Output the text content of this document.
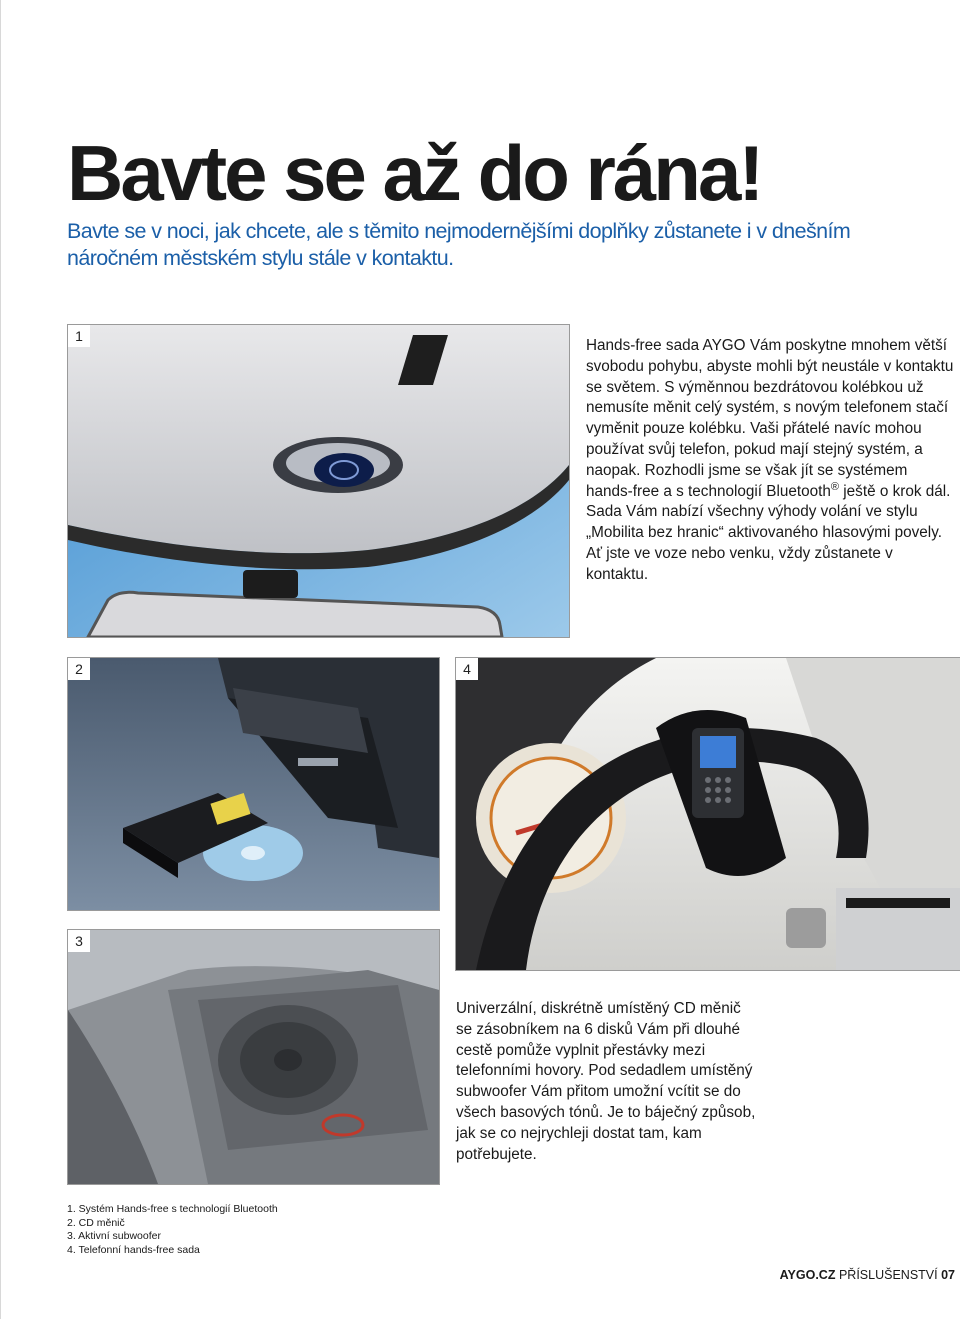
Bavte se až do rána!

Bavte se v noci, jak chcete, ale s těmito nejmodernějšími doplňky zůstanete i v dnešním náročném městském stylu stále v kontaktu.

1

Hands-free sada AYGO Vám poskytne mnohem větší svobodu pohybu, abyste mohli být neustále v kontaktu se světem. S výměnnou bezdrátovou kolébkou už nemusíte měnit celý systém, s novým telefonem stačí vyměnit pouze kolébku. Vaši přátelé navíc mohou používat svůj telefon, pokud mají stejný systém, a naopak. Rozhodli jsme se však jít se systémem hands-free a s technologií Bluetooth® ještě o krok dál. Sada Vám nabízí všechny výhody volání ve stylu „Mobilita bez hranic“ aktivovaného hlasovými povely. Ať jste ve voze nebo venku, vždy zůstanete v kontaktu.

2	4
3

Univerzální, diskrétně umístěný CD měnič se zásobníkem na 6 disků Vám při dlouhé cestě pomůže vyplnit přestávky mezi telefonními hovory. Pod sedadlem umístěný subwoofer Vám přitom umožní vcítit se do všech basových tónů. Je to báječný způsob, jak se co nejrychleji dostat tam, kam potřebujete.

1. Systém Hands-free s technologií Bluetooth
2. CD měnič
3. Aktivní subwoofer
4. Telefonní hands-free sada
AYGO.CZ PŘÍSLUŠENSTVÍ 07
